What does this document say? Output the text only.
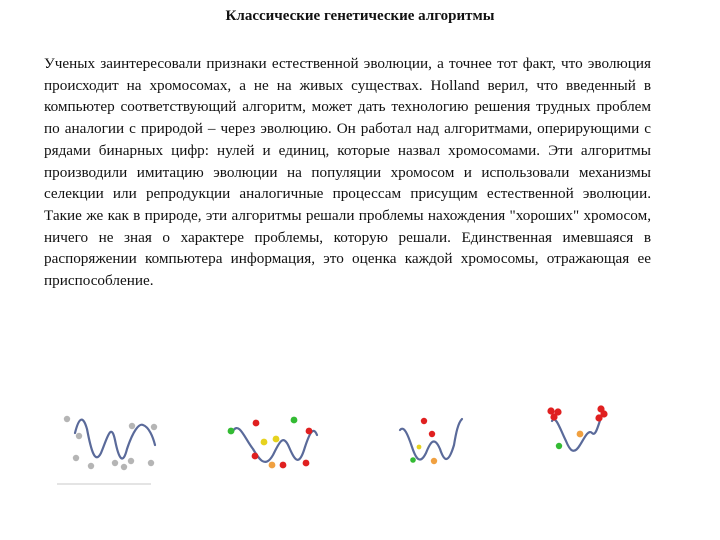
Классические генетические алгоритмы
Ученых заинтересовали признаки естественной эволюции, а точнее тот факт, что эволюция происходит на хромосомах, а не на живых существах. Holland верил, что введенный в компьютер соответствующий алгоритм, может дать технологию решения трудных проблем по аналогии с природой – через эволюцию. Он работал над алгоритмами, оперирующими с рядами бинарных цифр: нулей и единиц, которые назвал хромосомами. Эти алгоритмы производили имитацию эволюции на популяции хромосом и использовали механизмы селекции или репродукции аналогичные процессам присущим естественной эволюции. Такие же как в природе, эти алгоритмы решали проблемы нахождения "хороших" хромосом, ничего не зная о характере проблемы, которую решали. Единственная имевшаяся в распоряжении компьютера информация, это оценка каждой хромосомы, отражающая ее приспособление.
